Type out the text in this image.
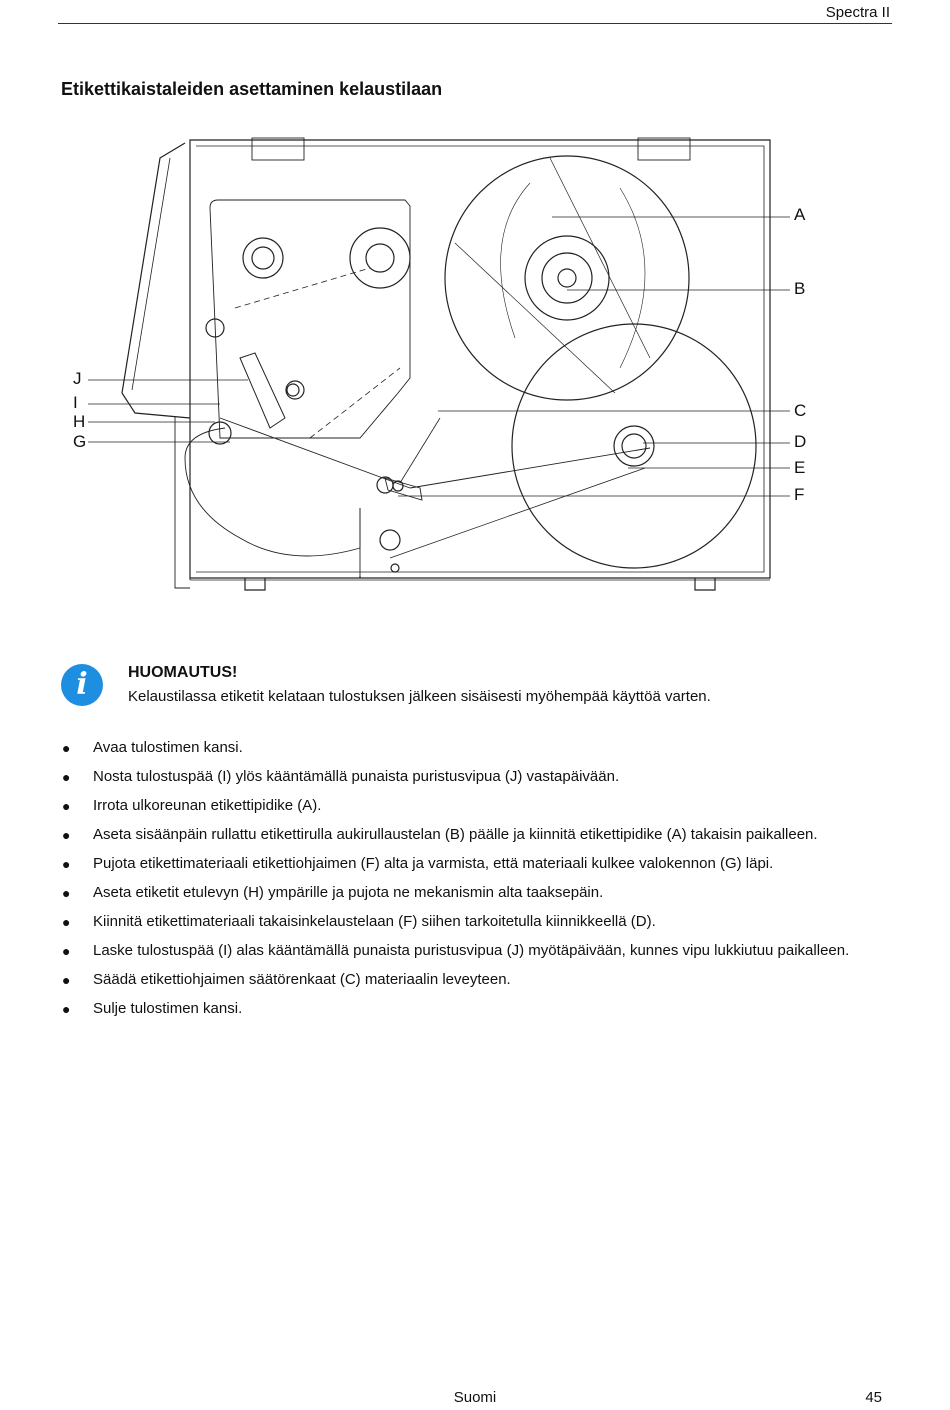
Spectra II
Etikettikaistaleiden asettaminen kelaustilaan
A
B
C
D
E
F
J
I
H
G
i	HUOMAUTUS!
Kelaustilassa etiketit kelataan tulostuksen jälkeen sisäisesti myöhempää käyttöä varten.
● Avaa tulostimen kansi.
● Nosta tulostuspää (I) ylös kääntämällä punaista puristusvipua (J) vastapäivään.
● Irrota ulkoreunan etikettipidike (A).
● Aseta sisäänpäin rullattu etikettirulla aukirullaustelan (B) päälle ja kiinnitä etikettipidike (A) takaisin paikalleen.
● Pujota etikettimateriaali etikettiohjaimen (F) alta ja varmista, että materiaali kulkee valokennon (G) läpi.
● Aseta etiketit etulevyn (H) ympärille ja pujota ne mekanismin alta taaksepäin.
● Kiinnitä etikettimateriaali takaisinkelaustelaan (F) siihen tarkoitetulla kiinnikkeellä (D).
● Laske tulostuspää (I) alas kääntämällä punaista puristusvipua (J) myötäpäivään, kunnes vipu lukkiutuu paikalleen.
● Säädä etikettiohjaimen säätörenkaat (C) materiaalin leveyteen.
● Sulje tulostimen kansi.
Suomi	45
